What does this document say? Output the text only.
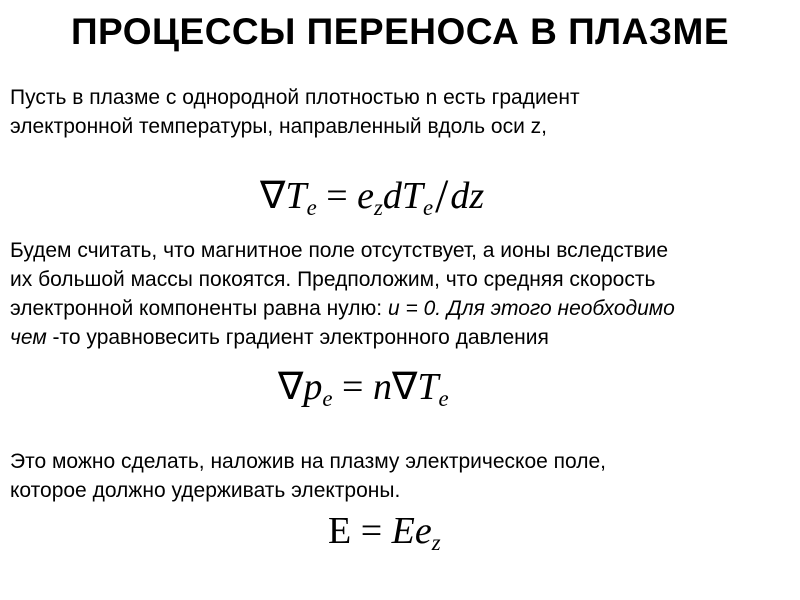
ПРОЦЕССЫ ПЕРЕНОСА В ПЛАЗМЕ
Пусть в плазме с однородной плотностью n есть градиент
электронной температуры, направленный вдоль оси z,
$\nabla T_e = e_zdT_e/dz$
Будем считать, что магнитное поле отсутствует, а ионы вследствие
их большой массы покоятся. Предположим, что средняя скорость
электронной компоненты равна нулю: u = 0. Для этого необходимо
чем -то уравновесить градиент электронного давления
$\nabla p_e = n\nabla T_e$
Это можно сделать, наложив на плазму электрическое поле,
которое должно удерживать электроны.
$E = Ee_z$
